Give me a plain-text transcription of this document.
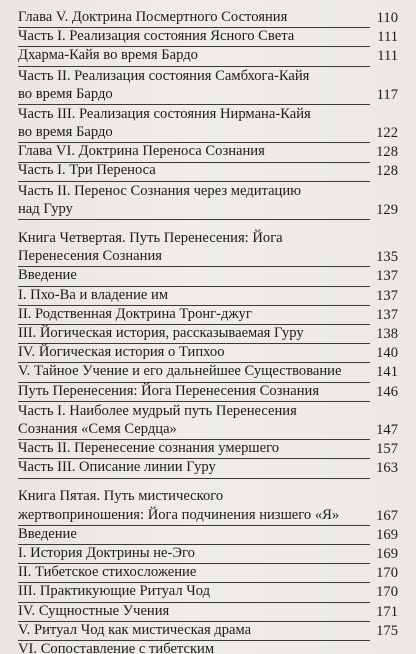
Глава V. Доктрина Посмертного Состояния	110
Часть I. Реализация состояния Ясного Света	111
Дхарма-Кайя во время Бардо	111
Часть II. Реализация состояния Самбхога-Кайя
во время Бардо	117
Часть III. Реализация состояния Нирмана-Кайя
во время Бардо	122
Глава VI. Доктрина Переноса Сознания	128
Часть I. Три Переноса	128
Часть II. Перенос Сознания через медитацию
над Гуру	129
Книга Четвертая. Путь Перенесения: Йога
Перенесения Сознания	135
Введение	137
I. Пхо-Ва и владение им	137
II. Родственная Доктрина Тронг-джуг	137
III. Йогическая история, рассказываемая Гуру	138
IV. Йогическая история о Типхоо	140
V. Тайное Учение и его дальнейшее Существование	141
Путь Перенесения: Йога Перенесения Сознания	146
Часть I. Наиболее мудрый путь Перенесения
Сознания «Семя Сердца»	147
Часть II. Перенесение сознания умершего	157
Часть III. Описание линии Гуру	163
Книга Пятая. Путь мистического
жертвоприношения: Йога подчинения низшего «Я»	167
Введение	169
I. История Доктрины не-Эго	169
II. Тибетское стихосложение	170
III. Практикующие Ритуал Чод	170
IV. Сущностные Учения	171
V. Ритуал Чод как мистическая драма	175
VI. Сопоставление с тибетским
